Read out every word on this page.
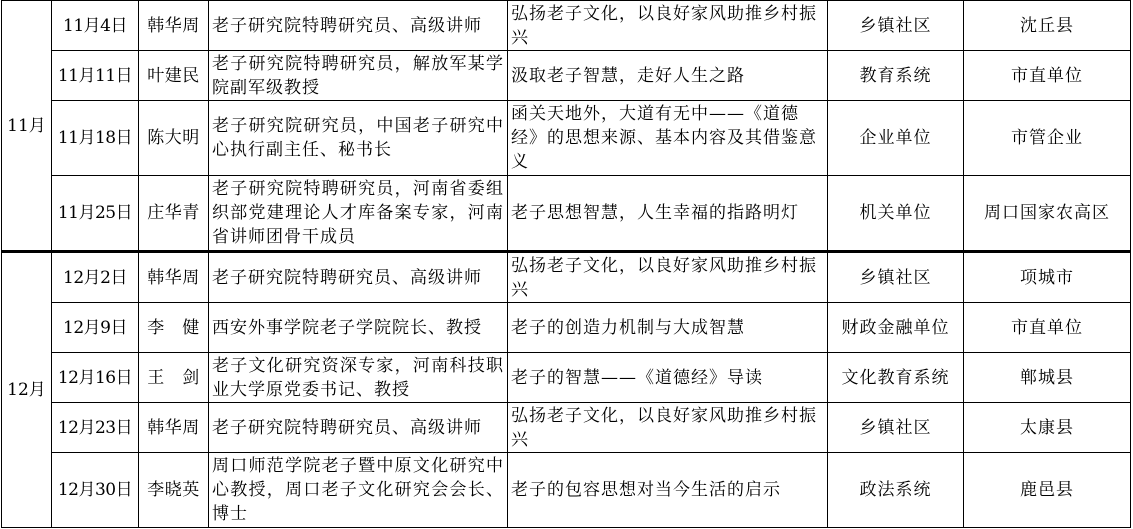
11月	11月4日	韩华周	老子研究院特聘研究员、高级讲师	弘扬老子文化，以良好家风助推乡村振兴	乡镇社区	沈丘县
	11月11日	叶建民	老子研究院特聘研究员，解放军某学院副军级教授	汲取老子智慧，走好人生之路	教育系统	市直单位
	11月18日	陈大明	老子研究院研究员，中国老子研究中心执行副主任、秘书长	函关天地外，大道有无中——《道德经》的思想来源、基本内容及其借鉴意义	企业单位	市管企业
	11月25日	庄华青	老子研究院特聘研究员，河南省委组织部党建理论人才库备案专家，河南省讲师团骨干成员	老子思想智慧，人生幸福的指路明灯	机关单位	周口国家农高区
12月	12月2日	韩华周	老子研究院特聘研究员、高级讲师	弘扬老子文化，以良好家风助推乡村振兴	乡镇社区	项城市
	12月9日	李　健	西安外事学院老子学院院长、教授	老子的创造力机制与大成智慧	财政金融单位	市直单位
	12月16日	王　剑	老子文化研究资深专家，河南科技职业大学原党委书记、教授	老子的智慧——《道德经》导读	文化教育系统	郸城县
	12月23日	韩华周	老子研究院特聘研究员、高级讲师	弘扬老子文化，以良好家风助推乡村振兴	乡镇社区	太康县
	12月30日	李晓英	周口师范学院老子暨中原文化研究中心教授，周口老子文化研究会会长、博士	老子的包容思想对当今生活的启示	政法系统	鹿邑县
